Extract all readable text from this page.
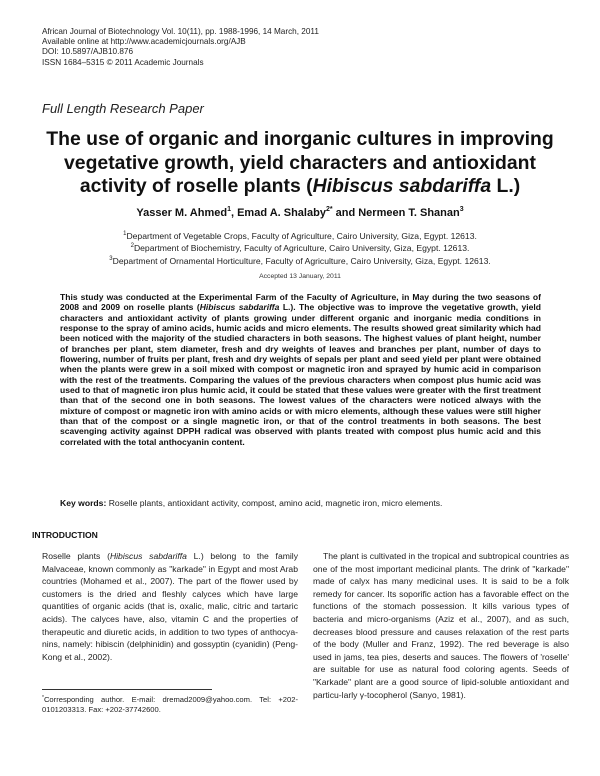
African Journal of Biotechnology Vol. 10(11), pp. 1988-1996, 14 March, 2011
Available online at http://www.academicjournals.org/AJB
DOI: 10.5897/AJB10.876
ISSN 1684–5315 © 2011 Academic Journals
Full Length Research Paper
The use of organic and inorganic cultures in improving
vegetative growth, yield characters and antioxidant
activity of roselle plants (Hibiscus sabdariffa L.)
Yasser M. Ahmed$^1$, Emad A. Shalaby$^{2*}$ and Nermeen T. Shanan$^3$
$^1$Department of Vegetable Crops, Faculty of Agriculture, Cairo University, Giza, Egypt. 12613.
$^2$Department of Biochemistry, Faculty of Agriculture, Cairo University, Giza, Egypt. 12613.
$^3$Department of Ornamental Horticulture, Faculty of Agriculture, Cairo University, Giza, Egypt. 12613.
Accepted 13 January, 2011
This study was conducted at the Experimental Farm of the Faculty of Agriculture, in May during the two seasons of 2008 and 2009 on roselle plants (Hibiscus sabdariffa L.). The objective was to improve the vegetative growth, yield characters and antioxidant activity of plants growing under different organic and inorganic media conditions in response to the spray of amino acids, humic acids and micro elements. The results showed great similarity which had been noticed with the majority of the studied characters in both seasons. The highest values of plant height, number of branches per plant, stem diameter, fresh and dry weights of leaves and branches per plant, number of days to flowering, number of fruits per plant, fresh and dry weights of sepals per plant and seed yield per plant were obtained when the plants were grew in a soil mixed with compost or magnetic iron and sprayed by humic acid in comparison with the rest of the treatments. Comparing the values of the previous characters when compost plus humic acid was used to that of magnetic iron plus humic acid, it could be stated that these values were greater with the first treatment than that of the second one in both seasons. The lowest values of the characters were noticed always with the mixture of compost or magnetic iron with amino acids or with micro elements, although these values were still higher than that of the compost or a single magnetic iron, or that of the control treatments in both seasons. The best scavenging activity against DPPH radical was observed with plants treated with compost plus humic acid and this correlated with the total anthocyanin content.
Key words: Roselle plants, antioxidant activity, compost, amino acid, magnetic iron, micro elements.
INTRODUCTION

Roselle plants (Hibiscus sabdariffa L.) belong to the family Malvaceae, known commonly as "karkade" in Egypt and most Arab countries (Mohamed et al., 2007). The part of the flower used by customers is the dried and fleshly calyces which have large quantities of organic acids (that is, oxalic, malic, citric and tartaric acids). The calyces have, also, vitamin C and the properties of therapeutic and diuretic acids, in addition to two types of anthocya-nins, namely: hibiscin (delphinidin) and gossyptin (cyanidin) (Peng-Kong et al., 2002).

The plant is cultivated in the tropical and subtropical countries as one of the most important medicinal plants. The drink of "karkade" made of calyx has many medicinal uses. It is said to be a folk remedy for cancer. Its soporific action has a favorable effect on the functions of the stomach possession. It kills various types of bacteria and micro-organisms (Aziz et al., 2007), and as such, decreases blood pressure and causes relaxation of the rest parts of the body (Muller and Franz, 1992). The red beverage is also used in jams, tea pies, deserts and sauces. The flowers of 'roselle' are suitable for use as natural food coloring agents. Seeds of "Karkade" plant are a good source of lipid-soluble antioxidant and particu-larly γ-tocopherol (Sanyo, 1981).

*Corresponding author. E-mail: dremad2009@yahoo.com. Tel: +202-0101203313. Fax: +202-37742600.
